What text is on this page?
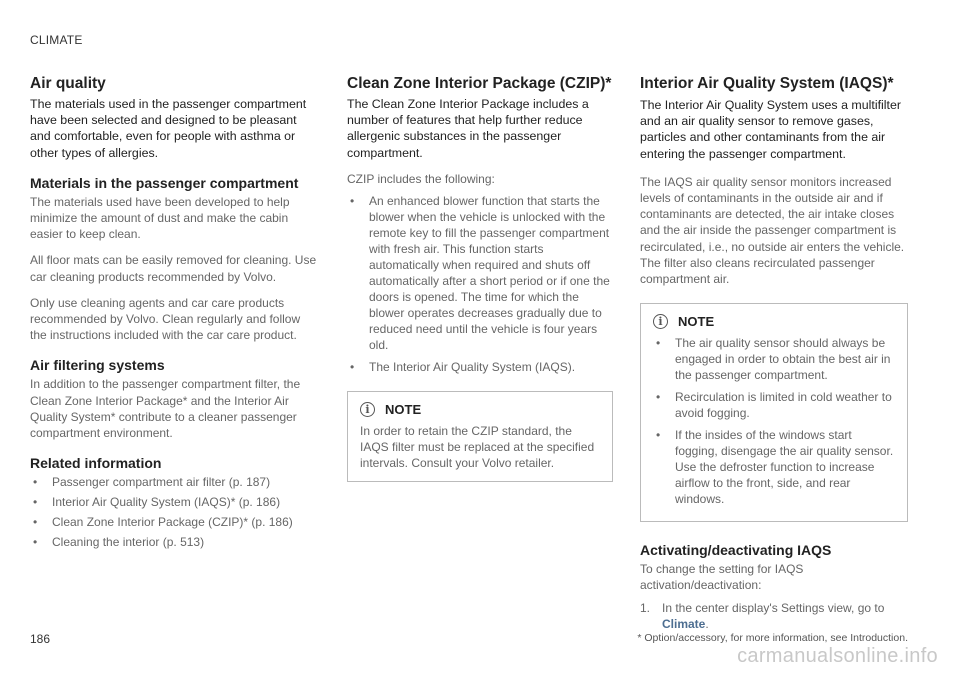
CLIMATE
Air quality

The materials used in the passenger compartment have been selected and designed to be pleasant and comfortable, even for people with asthma or other types of allergies.

Materials in the passenger compartment

The materials used have been developed to help minimize the amount of dust and make the cabin easier to keep clean.

All floor mats can be easily removed for cleaning. Use car cleaning products recommended by Volvo.

Only use cleaning agents and car care products recommended by Volvo. Clean regularly and follow the instructions included with the car care product.

Air filtering systems

In addition to the passenger compartment filter, the Clean Zone Interior Package* and the Interior Air Quality System* contribute to a cleaner passenger compartment environment.

Related information
• Passenger compartment air filter (p. 187)
• Interior Air Quality System (IAQS)* (p. 186)
• Clean Zone Interior Package (CZIP)* (p. 186)
• Cleaning the interior (p. 513)
Clean Zone Interior Package (CZIP)*

The Clean Zone Interior Package includes a number of features that help further reduce allergenic substances in the passenger compartment.

CZIP includes the following:

• An enhanced blower function that starts the blower when the vehicle is unlocked with the remote key to fill the passenger compartment with fresh air. This function starts automatically when required and shuts off automatically after a short period or if one the doors is opened. The time for which the blower operates decreases gradually due to reduced need until the vehicle is four years old.
• The Interior Air Quality System (IAQS).
i	NOTE

In order to retain the CZIP standard, the IAQS filter must be replaced at the specified intervals. Consult your Volvo retailer.

Interior Air Quality System (IAQS)*

The Interior Air Quality System uses a multifilter and an air quality sensor to remove gases, particles and other contaminants from the air entering the passenger compartment.

The IAQS air quality sensor monitors increased levels of contaminants in the outside air and if contaminants are detected, the air intake closes and the air inside the passenger compartment is recirculated, i.e., no outside air enters the vehicle. The filter also cleans recirculated passenger compartment air.

i	NOTE
• The air quality sensor should always be engaged in order to obtain the best air in the passenger compartment.
• Recirculation is limited in cold weather to avoid fogging.
• If the insides of the windows start fogging, disengage the air quality sensor. Use the defroster function to increase airflow to the front, side, and rear windows.
Activating/deactivating IAQS

To change the setting for IAQS activation/deactivation:

1. In the center display's Settings view, go to
Climate.
186	* Option/accessory, for more information, see Introduction.
carmanualsonline.info
